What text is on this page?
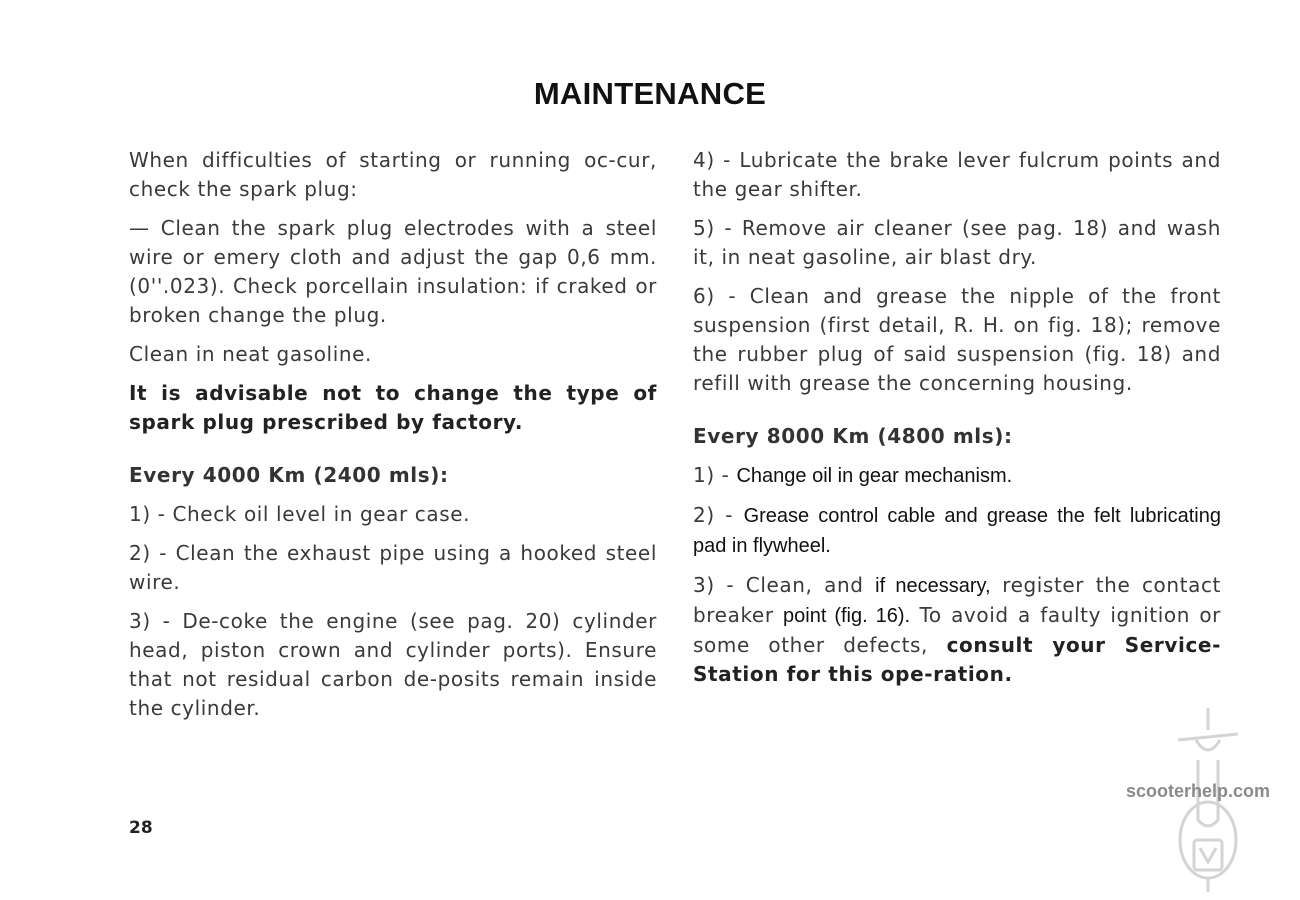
MAINTENANCE

When difficulties of starting or running oc-cur, check the spark plug:

— Clean the spark plug electrodes with a steel wire or emery cloth and adjust the gap 0,6 mm. (0''.023). Check porcellain insulation: if craked or broken change the plug.

Clean in neat gasoline.

It is advisable not to change the type of spark plug prescribed by factory.

Every 4000 Km (2400 mls):

1) - Check oil level in gear case.

2) - Clean the exhaust pipe using a hooked steel wire.

3) - De-coke the engine (see pag. 20) cylinder head, piston crown and cylinder ports). Ensure that not residual carbon de-posits remain inside the cylinder.

4) - Lubricate the brake lever fulcrum points and the gear shifter.

5) - Remove air cleaner (see pag. 18) and wash it, in neat gasoline, air blast dry.

6) - Clean and grease the nipple of the front suspension (first detail, R. H. on fig. 18); remove the rubber plug of said suspension (fig. 18) and refill with grease the concerning housing.

Every 8000 Km (4800 mls):

1) - Change oil in gear mechanism.

2) - Grease control cable and grease the felt lubricating pad in flywheel.

3) - Clean, and if necessary, register the contact breaker point (fig. 16). To avoid a faulty ignition or some other defects, consult your Service-Station for this ope-ration.

28
scooterhelp.com
